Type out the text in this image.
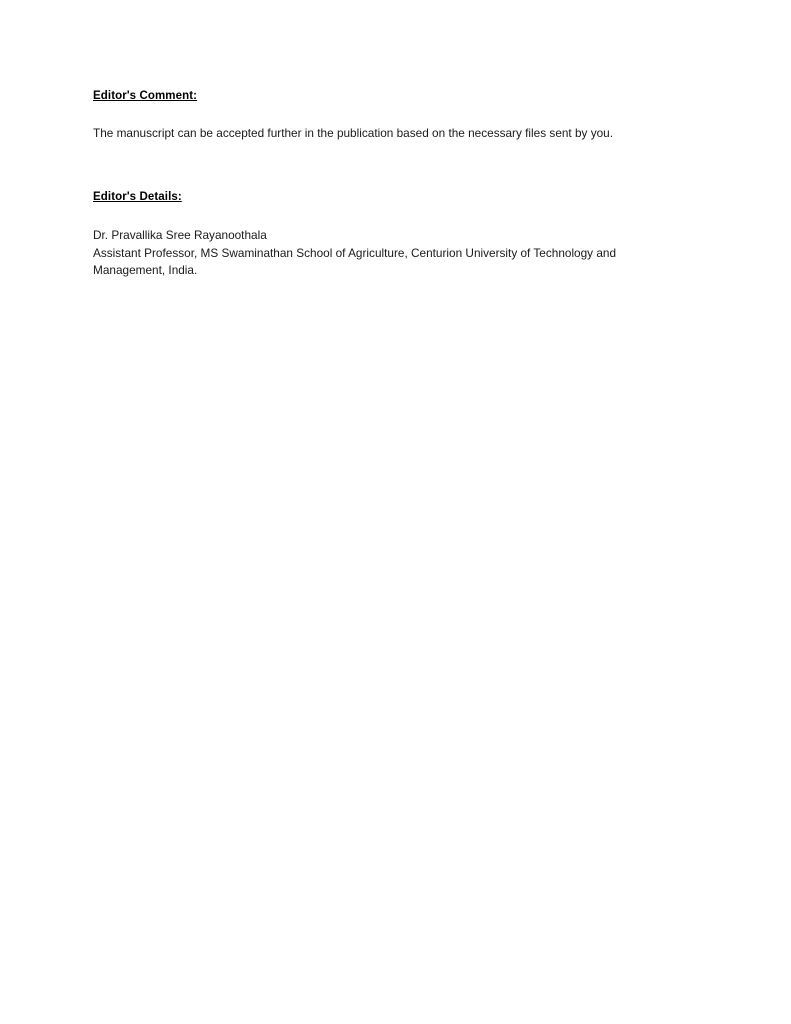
Editor's Comment:
The manuscript can be accepted further in the publication based on the necessary files sent by you.
Editor's Details:
Dr. Pravallika Sree Rayanoothala
Assistant Professor, MS Swaminathan School of Agriculture, Centurion University of Technology and Management, India.
